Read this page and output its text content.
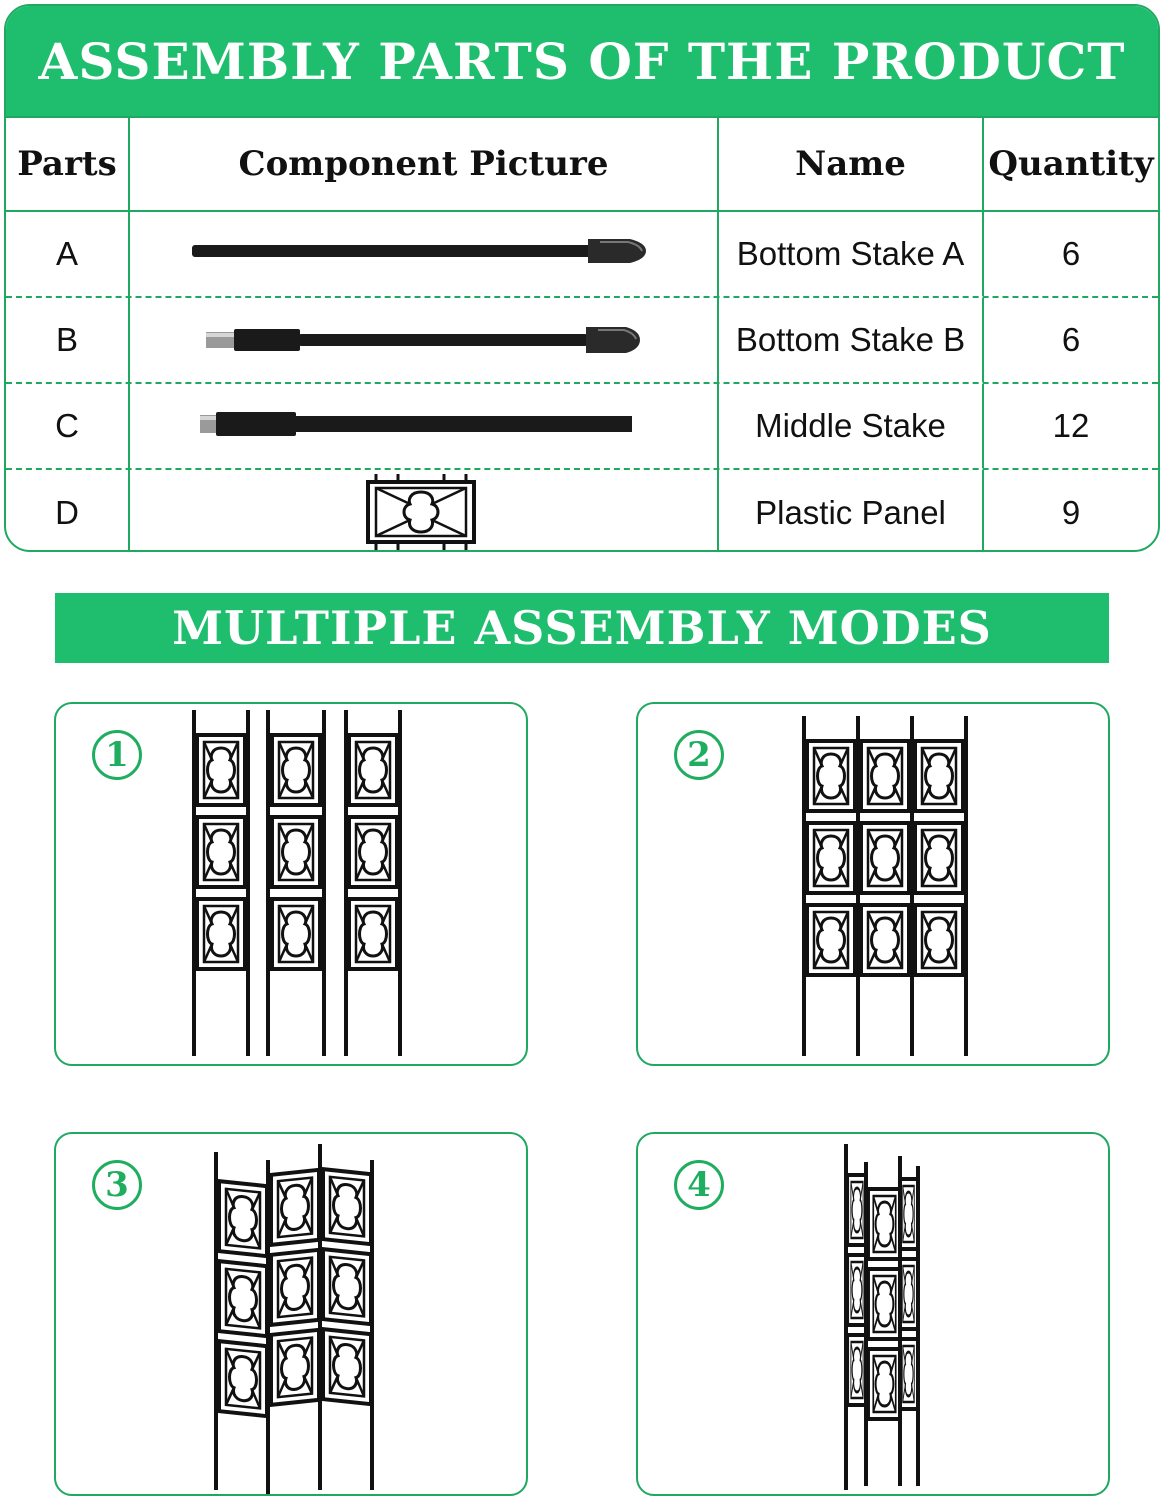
ASSEMBLY PARTS OF THE PRODUCT
Parts	Component Picture	Name	Quantity
A	Bottom Stake A	6
B	Bottom Stake B	6
C	Middle Stake	12
D	Plastic Panel	9
MULTIPLE ASSEMBLY MODES
1	2
3	4
